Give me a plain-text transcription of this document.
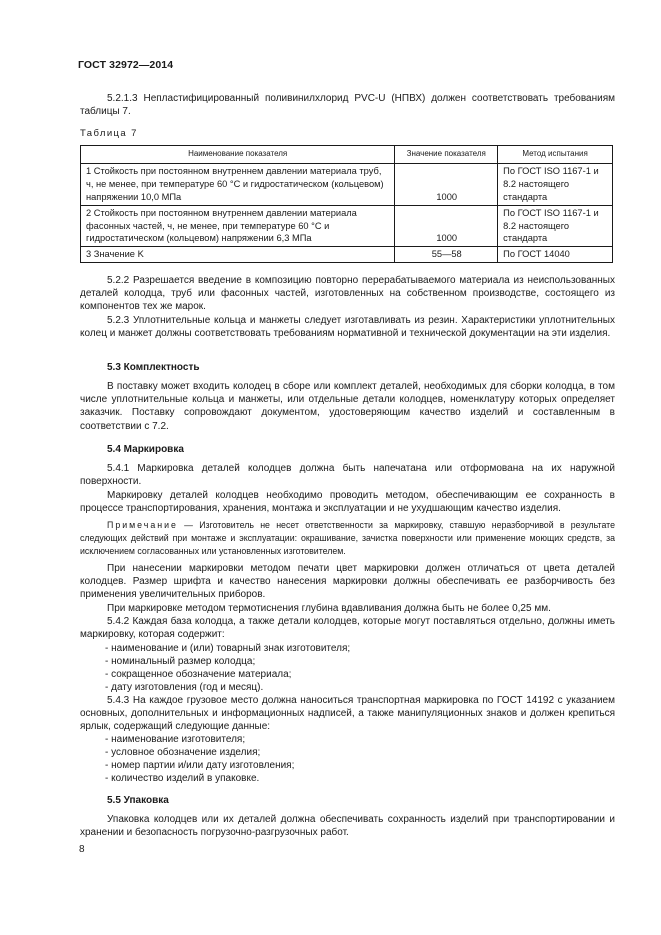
ГОСТ 32972—2014
5.2.1.3 Непластифицированный поливинилхлорид PVC-U (НПВХ) должен соответствовать требованиям таблицы 7.
Таблица 7
Наименование показателя	Значение показателя	Метод испытания
1 Стойкость при постоянном внутреннем давлении материала труб, ч, не менее, при температуре 60 °С и гидростатическом (кольцевом) напряжении 10,0 МПа	1000	По ГОСТ ISO 1167-1 и 8.2 настоящего стандарта
2 Стойкость при постоянном внутреннем давлении материала фасонных частей, ч, не менее, при температуре 60 °С и гидростатическом (кольцевом) напряжении 6,3 МПа	1000	По ГОСТ ISO 1167-1 и 8.2 настоящего стандарта
3 Значение K	55—58	По ГОСТ 14040
5.2.2 Разрешается введение в композицию повторно перерабатываемого материала из неиспользованных деталей колодца, труб или фасонных частей, изготовленных на собственном производстве, состоящего из компонентов тех же марок.
5.2.3 Уплотнительные кольца и манжеты следует изготавливать из резин. Характеристики уплотнительных колец и манжет должны соответствовать требованиям нормативной и технической документации на эти изделия.
5.3 Комплектность
В поставку может входить колодец в сборе или комплект деталей, необходимых для сборки колодца, в том числе уплотнительные кольца и манжеты, или отдельные детали колодцев, номенклатуру которых определяет заказчик. Поставку сопровождают документом, удостоверяющим качество изделий и составленным в соответствии с 7.2.
5.4 Маркировка
5.4.1 Маркировка деталей колодцев должна быть напечатана или отформована на их наружной поверхности.
Маркировку деталей колодцев необходимо проводить методом, обеспечивающим ее сохранность в процессе транспортирования, хранения, монтажа и эксплуатации и не ухудшающим качество изделия.
Примечание — Изготовитель не несет ответственности за маркировку, ставшую неразборчивой в результате следующих действий при монтаже и эксплуатации: окрашивание, зачистка поверхности или применение моющих средств, за исключением согласованных или установленных изготовителем.
При нанесении маркировки методом печати цвет маркировки должен отличаться от цвета деталей колодцев. Размер шрифта и качество нанесения маркировки должны обеспечивать ее разборчивость без применения увеличительных приборов.
При маркировке методом термотиснения глубина вдавливания должна быть не более 0,25 мм.
5.4.2 Каждая база колодца, а также детали колодцев, которые могут поставляться отдельно, должны иметь маркировку, которая содержит:
- наименование и (или) товарный знак изготовителя;
- номинальный размер колодца;
- сокращенное обозначение материала;
- дату изготовления (год и месяц).
5.4.3 На каждое грузовое место должна наноситься транспортная маркировка по ГОСТ 14192 с указанием основных, дополнительных и информационных надписей, а также манипуляционных знаков и должен крепиться ярлык, содержащий следующие данные:
- наименование изготовителя;
- условное обозначение изделия;
- номер партии и/или дату изготовления;
- количество изделий в упаковке.
5.5 Упаковка
Упаковка колодцев или их деталей должна обеспечивать сохранность изделий при транспортировании и хранении и безопасность погрузочно-разгрузочных работ.
8
